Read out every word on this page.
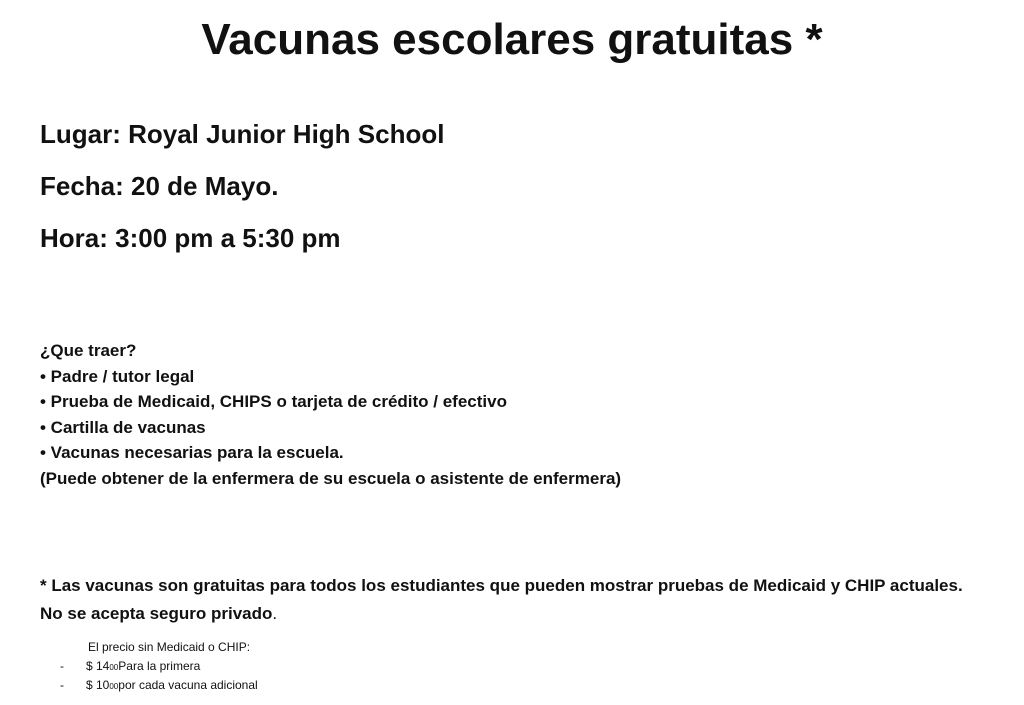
Vacunas escolares gratuitas *
Lugar: Royal Junior High School
Fecha: 20 de Mayo.
Hora: 3:00 pm a 5:30 pm
¿Que traer?
• Padre / tutor legal
• Prueba de Medicaid, CHIPS o tarjeta de crédito / efectivo
• Cartilla de vacunas
• Vacunas necesarias para la escuela.
(Puede obtener de la enfermera de su escuela o asistente de enfermera)
* Las vacunas son gratuitas para todos los estudiantes que pueden mostrar pruebas de Medicaid y CHIP actuales. No se acepta seguro privado.
El precio sin Medicaid o CHIP:
-	$ 14 00 Para la primera
-	$ 10 00 por cada vacuna adicional
